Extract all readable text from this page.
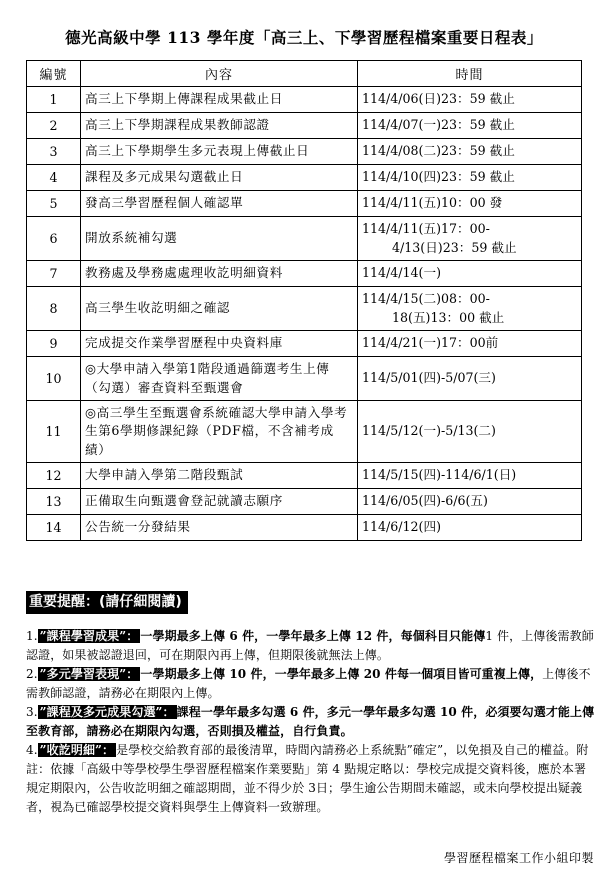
德光高級中學 113 學年度「高三上、下學習歷程檔案重要日程表」
編號	內容	時間
1	高三上下學期上傳課程成果截止日	114/4/06(日)23：59 截止

2	高三上下學期課程成果教師認證	114/4/07(一)23：59 截止

3	高三上下學期學生多元表現上傳截止日	114/4/08(二)23：59 截止

4	課程及多元成果勾選截止日	114/4/10(四)23：59 截止

5	發高三學習歷程個人確認單	114/4/11(五)10：00 發

6	開放系統補勾選	114/4/11(五)17：00-
4/13(日)23：59 截止

7	教務處及學務處處理收訖明細資料	114/4/14(一)

8	高三學生收訖明細之確認	114/4/15(二)08：00-
18(五)13：00 截止

9	完成提交作業學習歷程中央資料庫	114/4/21(一)17：00前

10	◎大學申請入學第1階段通過篩選考生上傳（勾選）審查資料至甄選會	114/5/01(四)-5/07(三)

11	◎高三學生至甄選會系統確認大學申請入學考生第6學期修課紀錄（PDF檔，不含補考成績）	114/5/12(一)-5/13(二)

12	大學申請入學第二階段甄試	114/5/15(四)-114/6/1(日)

13	正備取生向甄選會登記就讀志願序	114/6/05(四)-6/6(五)

14	公告統一分發結果	114/6/12(四)
重要提醒：(請仔細閱讀)

1. ”課程學習成果”： 一學期最多上傳 6 件，一學年最多上傳 12 件，每個科目只能傳1 件，上傳後需教師認證，如果被認證退回，可在期限內再上傳，但期限後就無法上傳。

2. ”多元學習表現”： 一學期最多上傳 10 件，一學年最多上傳 20 件每一個項目皆可重複上傳，上傳後不需教師認證，請務必在期限內上傳。

3. ”課程及多元成果勾選”： 課程一學年最多勾選 6 件，多元一學年最多勾選 10 件，必須要勾選才能上傳至教育部，請務必在期限內勾選，否則損及權益，自行負責。

4. ”收訖明細”： 是學校交給教育部的最後清單，時間內請務必上系統點”確定”，以免損及自己的權益。附註：依據「高級中等學校學生學習歷程檔案作業要點」第 4 點規定略以：學校完成提交資料後，應於本署規定期限內，公告收訖明細之確認期間，並不得少於 3日；學生逾公告期間未確認，或未向學校提出疑義者，視為已確認學校提交資料與學生上傳資料一致辦理。

學習歷程檔案工作小組印製
